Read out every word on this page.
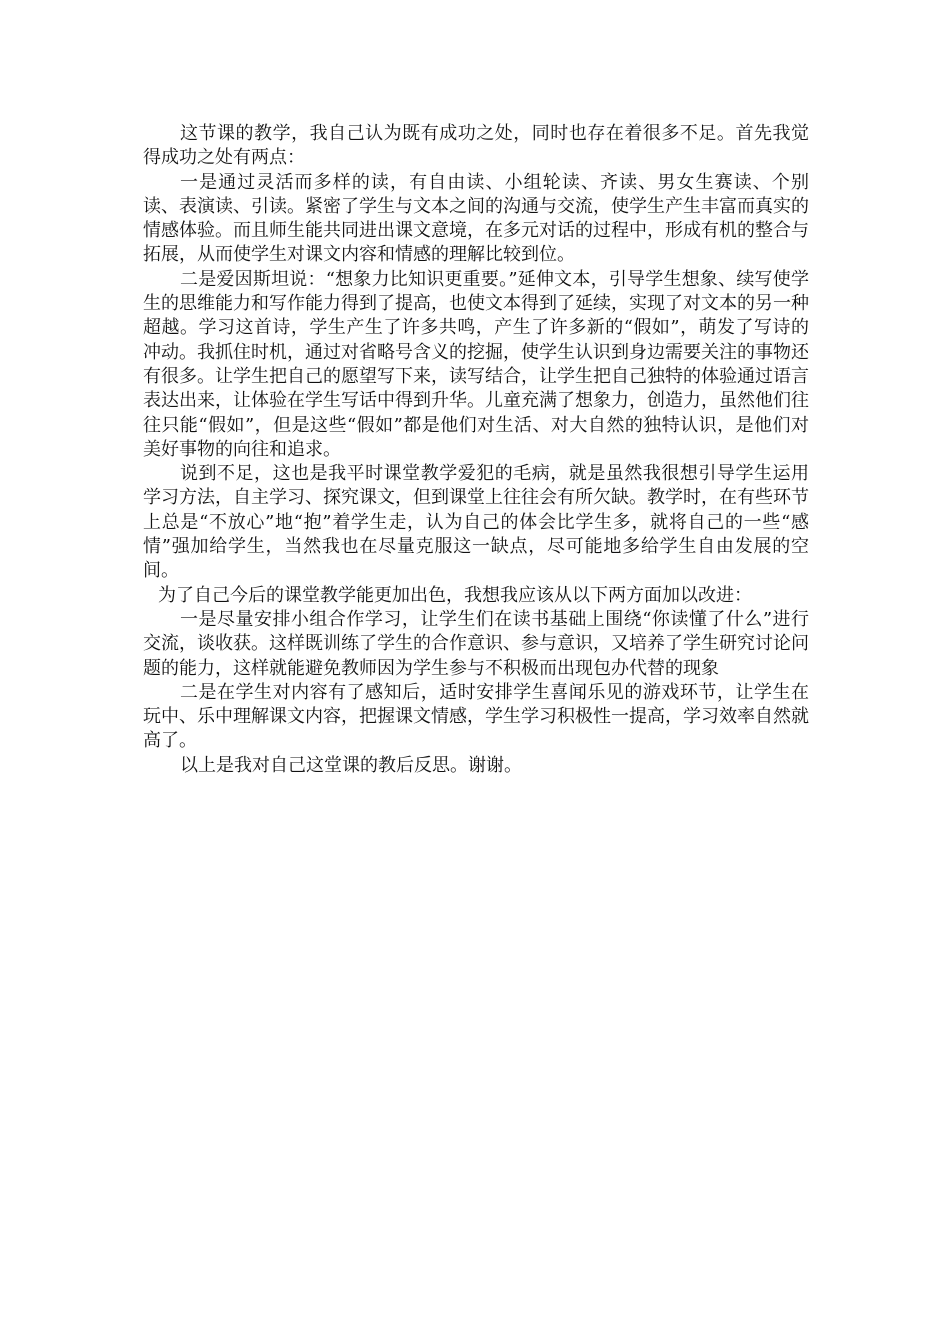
这节课的教学，我自己认为既有成功之处，同时也存在着很多不足。首先我觉得成功之处有两点：

一是通过灵活而多样的读，有自由读、小组轮读、齐读、男女生赛读、个别读、表演读、引读。紧密了学生与文本之间的沟通与交流，使学生产生丰富而真实的情感体验。而且师生能共同进出课文意境，在多元对话的过程中，形成有机的整合与拓展，从而使学生对课文内容和情感的理解比较到位。

二是爱因斯坦说：“想象力比知识更重要。”延伸文本，引导学生想象、续写使学生的思维能力和写作能力得到了提高，也使文本得到了延续，实现了对文本的另一种超越。学习这首诗，学生产生了许多共鸣，产生了许多新的“假如”，萌发了写诗的冲动。我抓住时机，通过对省略号含义的挖掘，使学生认识到身边需要关注的事物还有很多。让学生把自己的愿望写下来，读写结合，让学生把自己独特的体验通过语言表达出来，让体验在学生写话中得到升华。儿童充满了想象力，创造力，虽然他们往往只能“假如”，但是这些“假如”都是他们对生活、对大自然的独特认识，是他们对美好事物的向往和追求。

说到不足，这也是我平时课堂教学爱犯的毛病，就是虽然我很想引导学生运用学习方法，自主学习、探究课文，但到课堂上往往会有所欠缺。教学时，在有些环节上总是“不放心”地“抱”着学生走，认为自己的体会比学生多，就将自己的一些“感情”强加给学生，当然我也在尽量克服这一缺点，尽可能地多给学生自由发展的空间。

为了自己今后的课堂教学能更加出色，我想我应该从以下两方面加以改进：

一是尽量安排小组合作学习，让学生们在读书基础上围绕“你读懂了什么”进行交流，谈收获。这样既训练了学生的合作意识、参与意识，又培养了学生研究讨论问题的能力，这样就能避免教师因为学生参与不积极而出现包办代替的现象

二是在学生对内容有了感知后，适时安排学生喜闻乐见的游戏环节，让学生在玩中、乐中理解课文内容，把握课文情感，学生学习积极性一提高，学习效率自然就高了。

以上是我对自己这堂课的教后反思。谢谢。
